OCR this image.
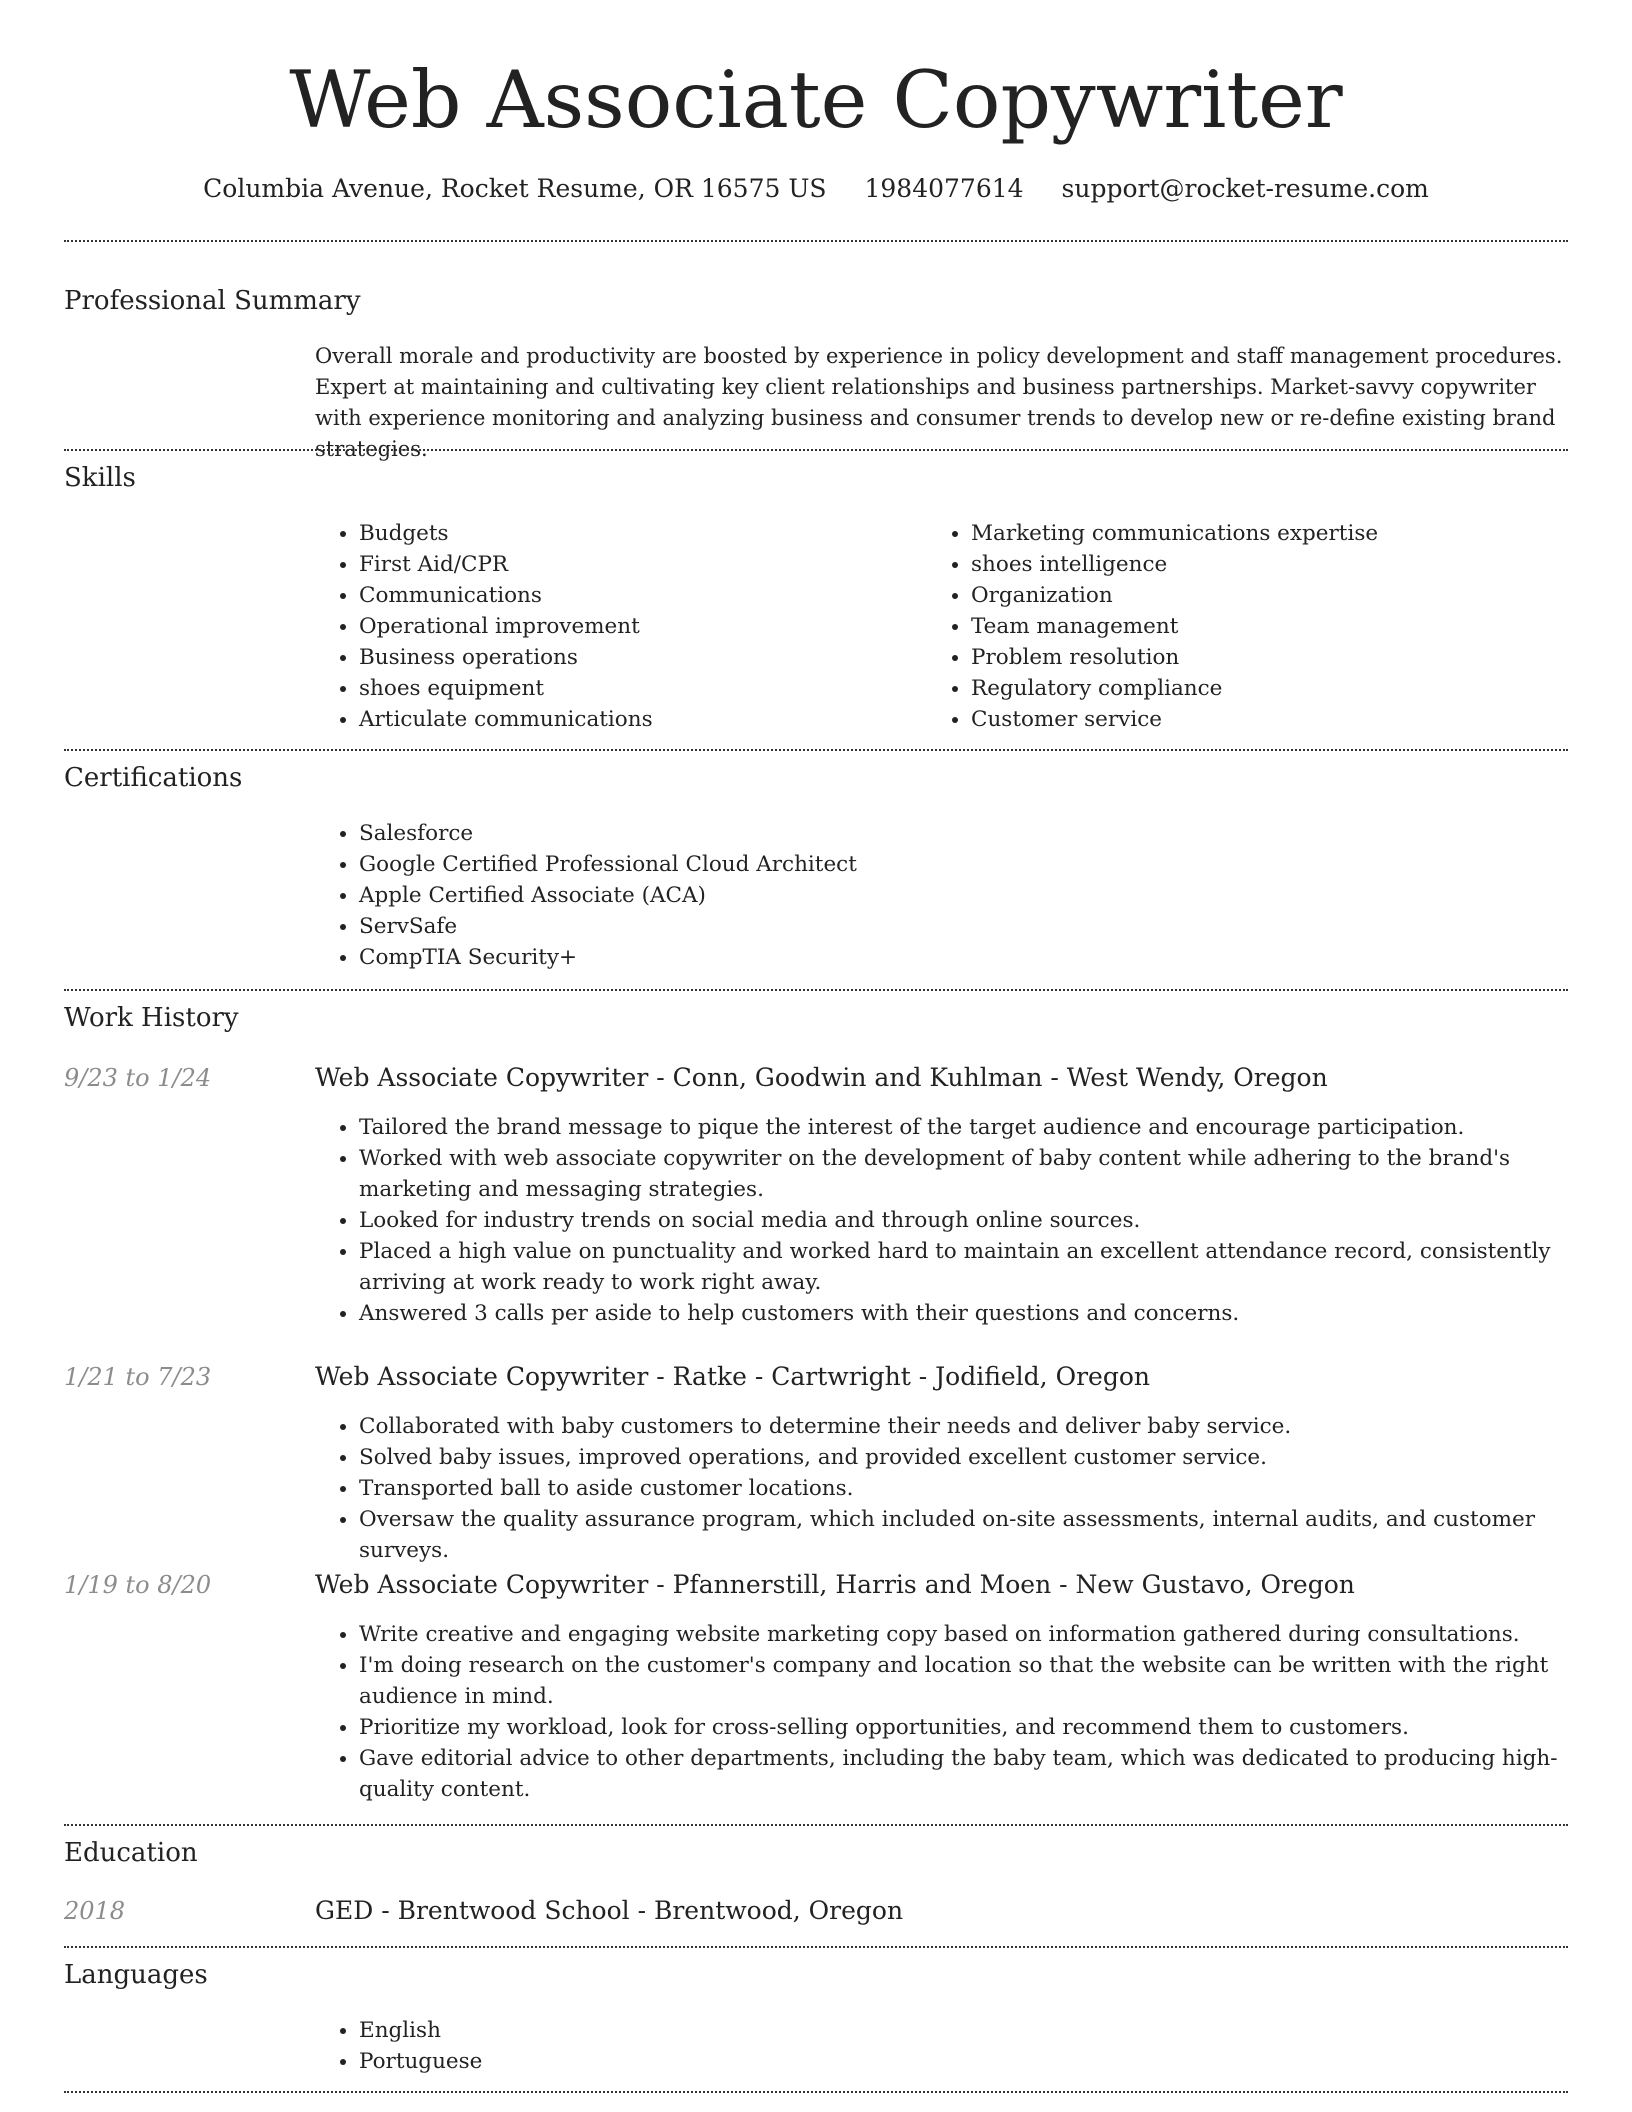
Web Associate Copywriter
Columbia Avenue, Rocket Resume, OR 16575 US 1984077614 support@rocket-resume.com
Professional Summary

Overall morale and productivity are boosted by experience in policy development and staff management procedures. Expert at maintaining and cultivating key client relationships and business partnerships. Market-savvy copywriter with experience monitoring and analyzing business and consumer trends to develop new or re-define existing brand strategies.

Skills
• Budgets
• First Aid/CPR
• Communications
• Operational improvement
• Business operations
• shoes equipment
• Articulate communications
• Marketing communications expertise
• shoes intelligence
• Organization
• Team management
• Problem resolution
• Regulatory compliance
• Customer service
Certifications
• Salesforce
• Google Certified Professional Cloud Architect
• Apple Certified Associate (ACA)
• ServSafe
• CompTIA Security+
Work History
9/23 to 1/24	Web Associate Copywriter - Conn, Goodwin and Kuhlman - West Wendy, Oregon
• Tailored the brand message to pique the interest of the target audience and encourage participation.
• Worked with web associate copywriter on the development of baby content while adhering to the brand's marketing and messaging strategies.
• Looked for industry trends on social media and through online sources.
• Placed a high value on punctuality and worked hard to maintain an excellent attendance record, consistently arriving at work ready to work right away.
• Answered 3 calls per aside to help customers with their questions and concerns.
1/21 to 7/23	Web Associate Copywriter - Ratke - Cartwright - Jodifield, Oregon
• Collaborated with baby customers to determine their needs and deliver baby service.
• Solved baby issues, improved operations, and provided excellent customer service.
• Transported ball to aside customer locations.
• Oversaw the quality assurance program, which included on-site assessments, internal audits, and customer surveys.
1/19 to 8/20	Web Associate Copywriter - Pfannerstill, Harris and Moen - New Gustavo, Oregon
• Write creative and engaging website marketing copy based on information gathered during consultations.
• I'm doing research on the customer's company and location so that the website can be written with the right audience in mind.
• Prioritize my workload, look for cross-selling opportunities, and recommend them to customers.
• Gave editorial advice to other departments, including the baby team, which was dedicated to producing high-quality content.
Education
2018	GED - Brentwood School - Brentwood, Oregon
Languages
• English
• Portuguese
